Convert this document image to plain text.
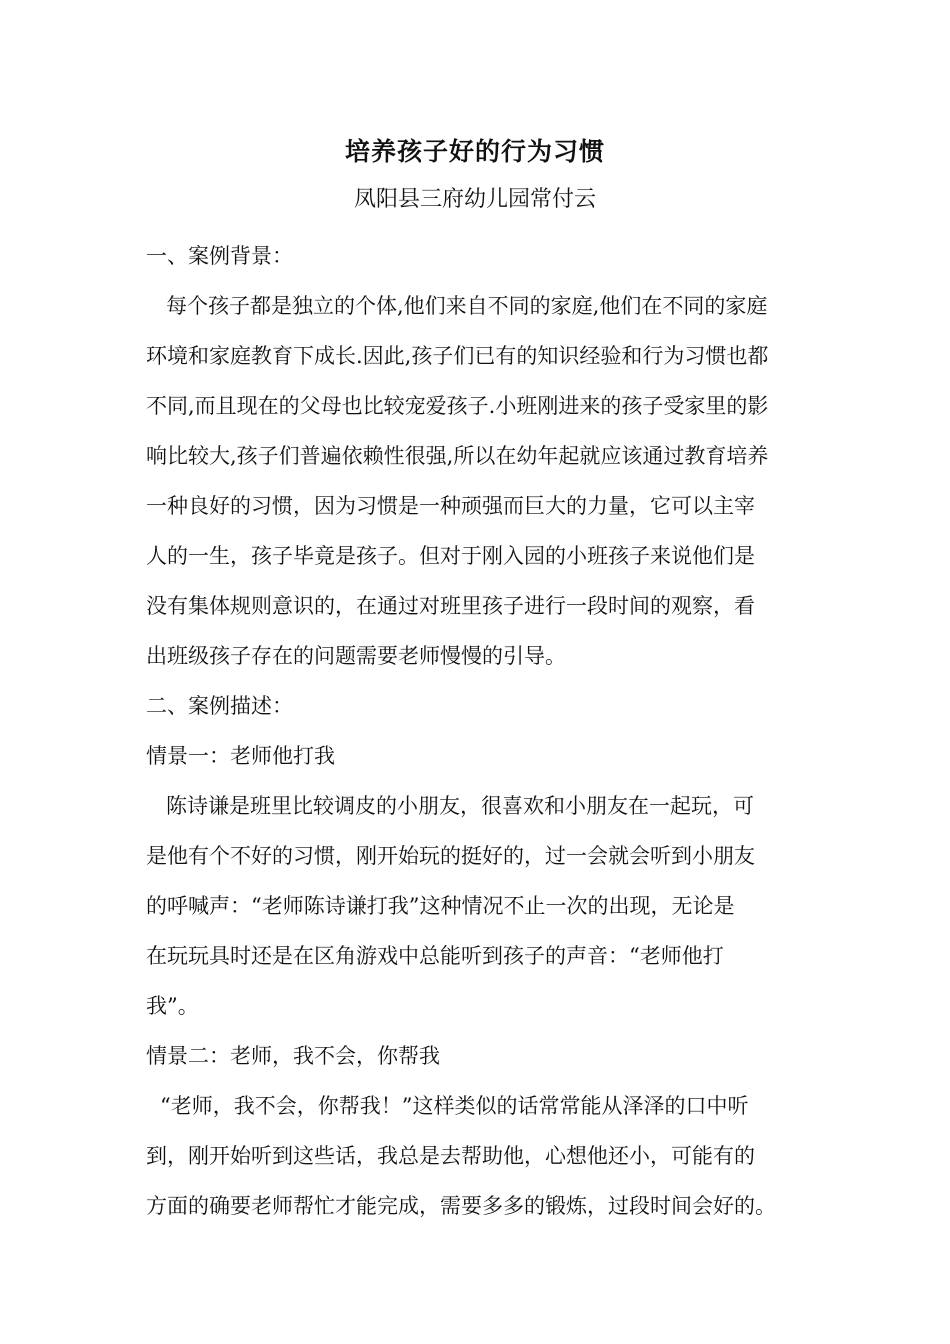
培养孩子好的行为习惯
凤阳县三府幼儿园常付云
一、案例背景：
每个孩子都是独立的个体,他们来自不同的家庭,他们在不同的家庭
环境和家庭教育下成长.因此,孩子们已有的知识经验和行为习惯也都
不同,而且现在的父母也比较宠爱孩子.小班刚进来的孩子受家里的影
响比较大,孩子们普遍依赖性很强,所以在幼年起就应该通过教育培养
一种良好的习惯，因为习惯是一种顽强而巨大的力量，它可以主宰
人的一生，孩子毕竟是孩子。但对于刚入园的小班孩子来说他们是
没有集体规则意识的，在通过对班里孩子进行一段时间的观察，看
出班级孩子存在的问题需要老师慢慢的引导。
二、案例描述：
情景一：老师他打我
陈诗谦是班里比较调皮的小朋友，很喜欢和小朋友在一起玩，可
是他有个不好的习惯，刚开始玩的挺好的，过一会就会听到小朋友
的呼喊声：“老师陈诗谦打我”这种情况不止一次的出现，无论是
在玩玩具时还是在区角游戏中总能听到孩子的声音：“老师他打
我”。
情景二：老师，我不会，你帮我
“老师，我不会，你帮我！”这样类似的话常常能从泽泽的口中听
到，刚开始听到这些话，我总是去帮助他，心想他还小，可能有的
方面的确要老师帮忙才能完成，需要多多的锻炼，过段时间会好的。
